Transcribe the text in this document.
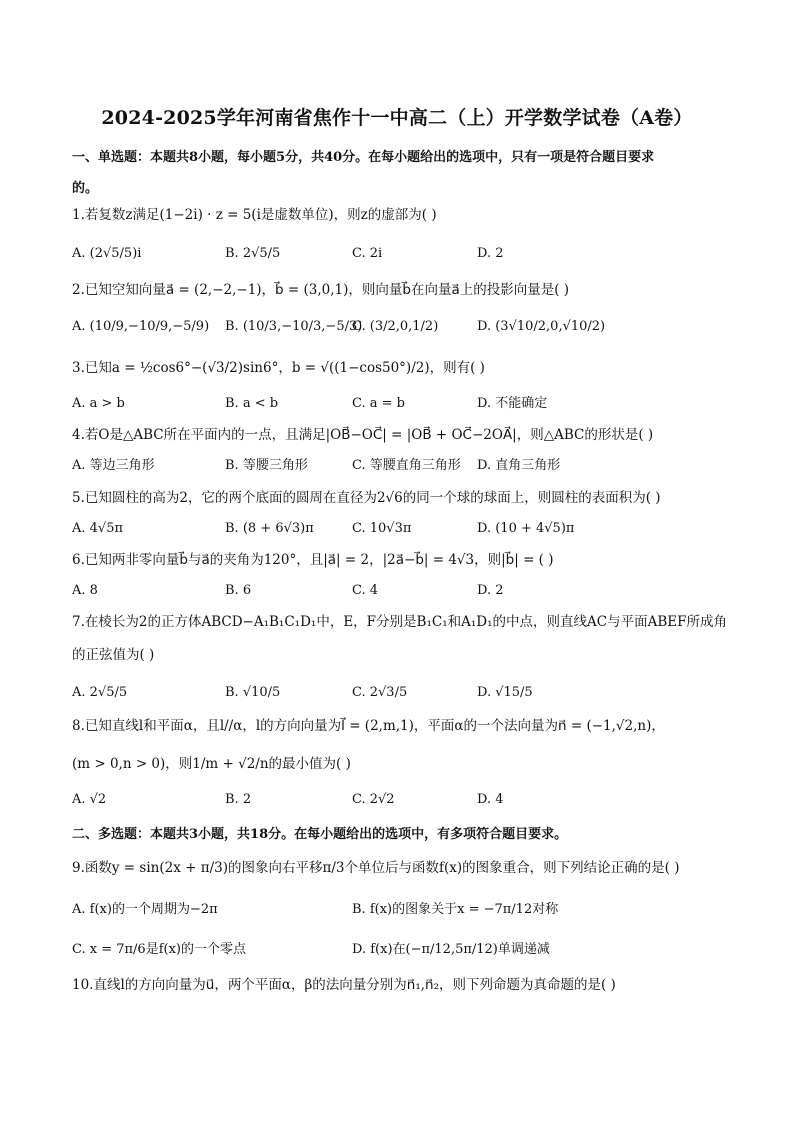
2024-2025学年河南省焦作十一中高二（上）开学数学试卷（A卷）
一、单选题：本题共8小题，每小题5分，共40分。在每小题给出的选项中，只有一项是符合题目要求
的。
1.若复数z满足(1−2i) · z = 5(i是虚数单位)，则z的虚部为( )
A. (2√5/5)i	B. 2√5/5	C. 2i	D. 2
2.已知空知向量a⃗ = (2,−2,−1)，b⃗ = (3,0,1)，则向量b⃗在向量a⃗上的投影向量是( )
A. (10/9,−10/9,−5/9) B. (10/3,−10/3,−5/3)
C. (3/2,0,1/2)	D. (3√10/2,0,√10/2)
3.已知a = ½cos6°−(√3/2)sin6°，b = √((1−cos50°)/2)，则有( )
A. a > b	B. a < b	C. a = b	D. 不能确定
4.若O是△ABC所在平面内的一点，且满足|OB⃗−OC⃗| = |OB⃗ + OC⃗−2OA⃗|，则△ABC的形状是( )
A. 等边三角形	B. 等腰三角形	C. 等腰直角三角形 D. 直角三角形
5.已知圆柱的高为2，它的两个底面的圆周在直径为2√6的同一个球的球面上，则圆柱的表面积为( )
A. 4√5π	B. (8 + 6√3)π	C. 10√3π	D. (10 + 4√5)π
6.已知两非零向量b⃗与a⃗的夹角为120°，且|a⃗| = 2，|2a⃗−b⃗| = 4√3，则|b⃗| = ( )
A. 8	B. 6	C. 4	D. 2
7.在棱长为2的正方体ABCD−A₁B₁C₁D₁中，E，F分别是B₁C₁和A₁D₁的中点，则直线AC与平面ABEF所成角
的正弦值为( )
A. 2√5/5	B. √10/5	C. 2√3/5	D. √15/5
8.已知直线l和平面α，且l//α，l的方向向量为l⃗ = (2,m,1)，平面α的一个法向量为n⃗ = (−1,√2,n)，
(m > 0,n > 0)，则1/m + √2/n的最小值为( )
A. √2	B. 2	C. 2√2	D. 4
二、多选题：本题共3小题，共18分。在每小题给出的选项中，有多项符合题目要求。
9.函数y = sin(2x + π/3)的图象向右平移π/3个单位后与函数f(x)的图象重合，则下列结论正确的是( )
A. f(x)的一个周期为−2π	B. f(x)的图象关于x = −7π/12对称
C. x = 7π/6是f(x)的一个零点	D. f(x)在(−π/12,5π/12)单调递减
10.直线l的方向向量为u⃗，两个平面α，β的法向量分别为n⃗₁,n⃗₂，则下列命题为真命题的是( )
